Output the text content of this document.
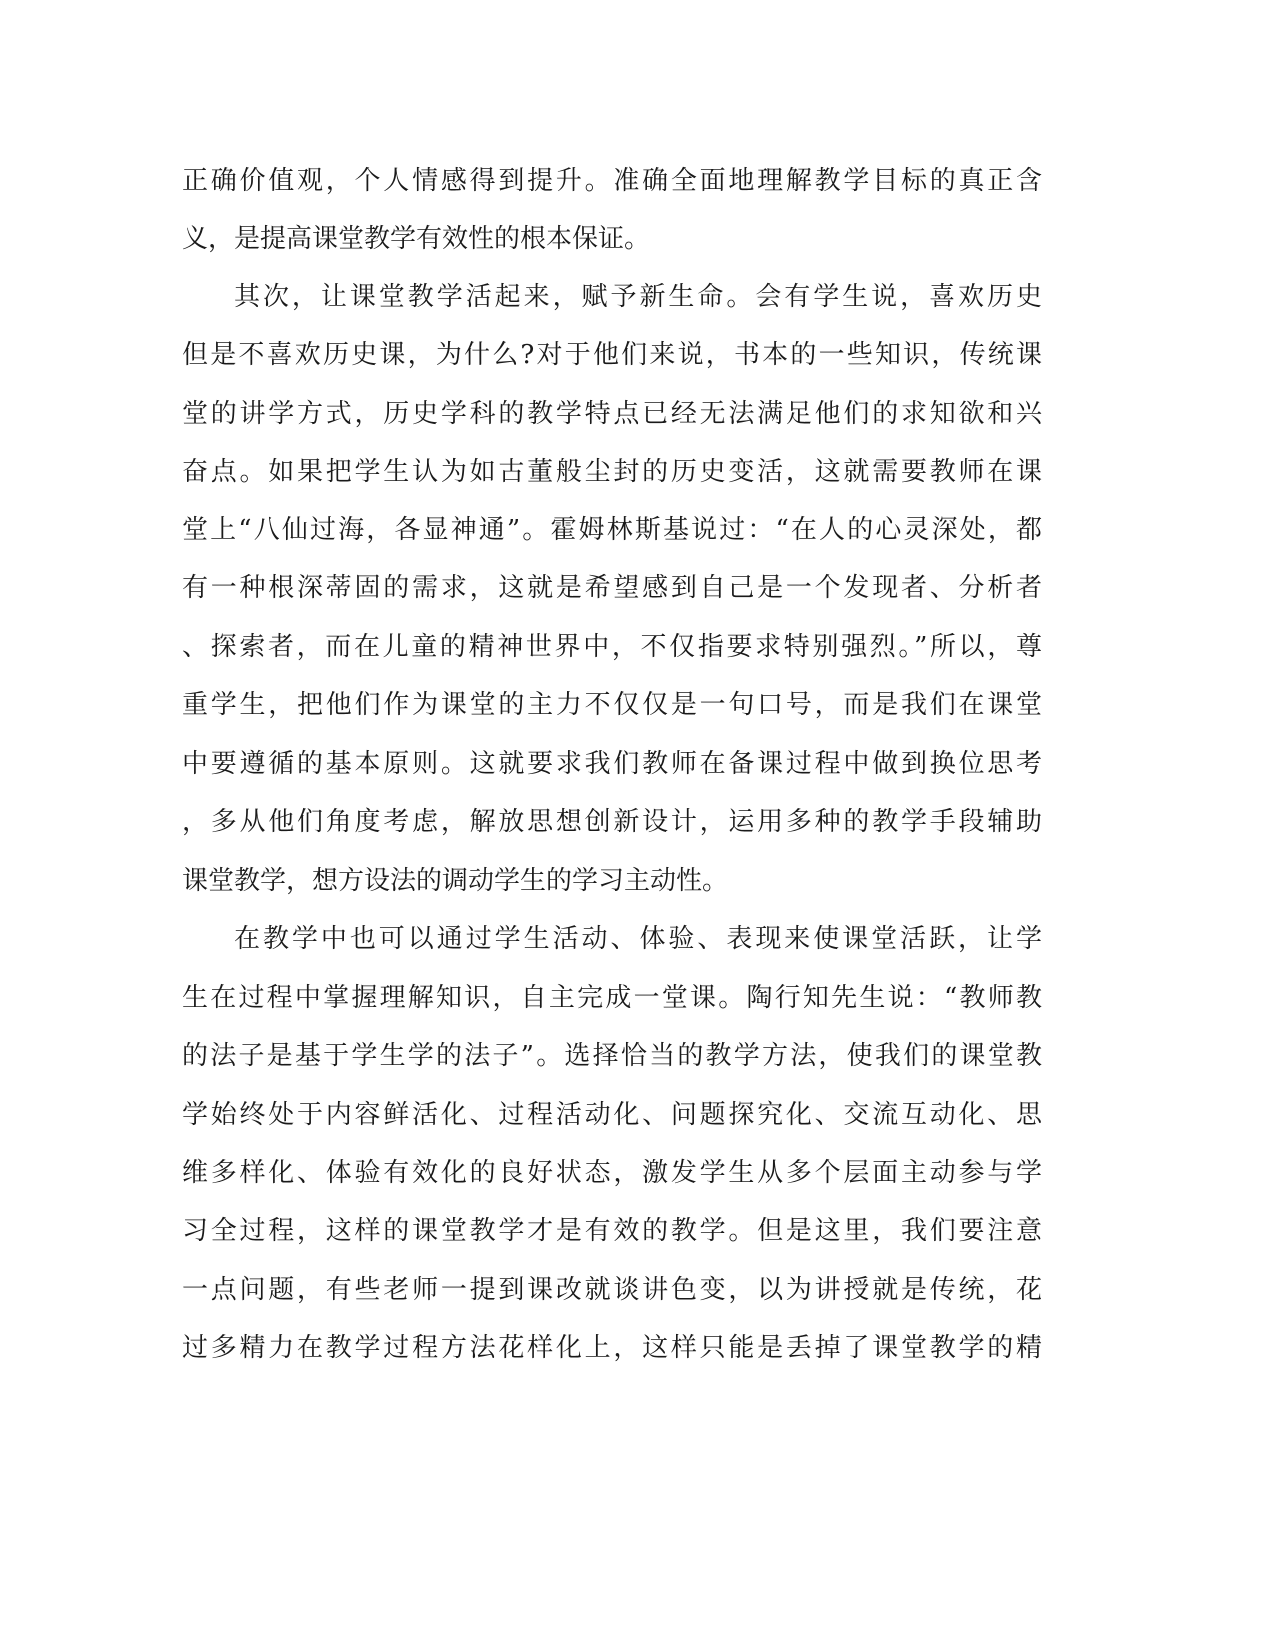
正确价值观，个人情感得到提升。准确全面地理解教学目标的真正含
义，是提高课堂教学有效性的根本保证。
其次，让课堂教学活起来，赋予新生命。会有学生说，喜欢历史
但是不喜欢历史课，为什么?对于他们来说，书本的一些知识，传统课
堂的讲学方式，历史学科的教学特点已经无法满足他们的求知欲和兴
奋点。如果把学生认为如古董般尘封的历史变活，这就需要教师在课
堂上“八仙过海，各显神通”。霍姆林斯基说过：“在人的心灵深处，都
有一种根深蒂固的需求，这就是希望感到自己是一个发现者、分析者
、探索者，而在儿童的精神世界中，不仅指要求特别强烈。”所以，尊
重学生，把他们作为课堂的主力不仅仅是一句口号，而是我们在课堂
中要遵循的基本原则。这就要求我们教师在备课过程中做到换位思考
，多从他们角度考虑，解放思想创新设计，运用多种的教学手段辅助
课堂教学，想方设法的调动学生的学习主动性。
在教学中也可以通过学生活动、体验、表现来使课堂活跃，让学
生在过程中掌握理解知识，自主完成一堂课。陶行知先生说：“教师教
的法子是基于学生学的法子”。选择恰当的教学方法，使我们的课堂教
学始终处于内容鲜活化、过程活动化、问题探究化、交流互动化、思
维多样化、体验有效化的良好状态，激发学生从多个层面主动参与学
习全过程，这样的课堂教学才是有效的教学。但是这里，我们要注意
一点问题，有些老师一提到课改就谈讲色变，以为讲授就是传统，花
过多精力在教学过程方法花样化上，这样只能是丢掉了课堂教学的精
